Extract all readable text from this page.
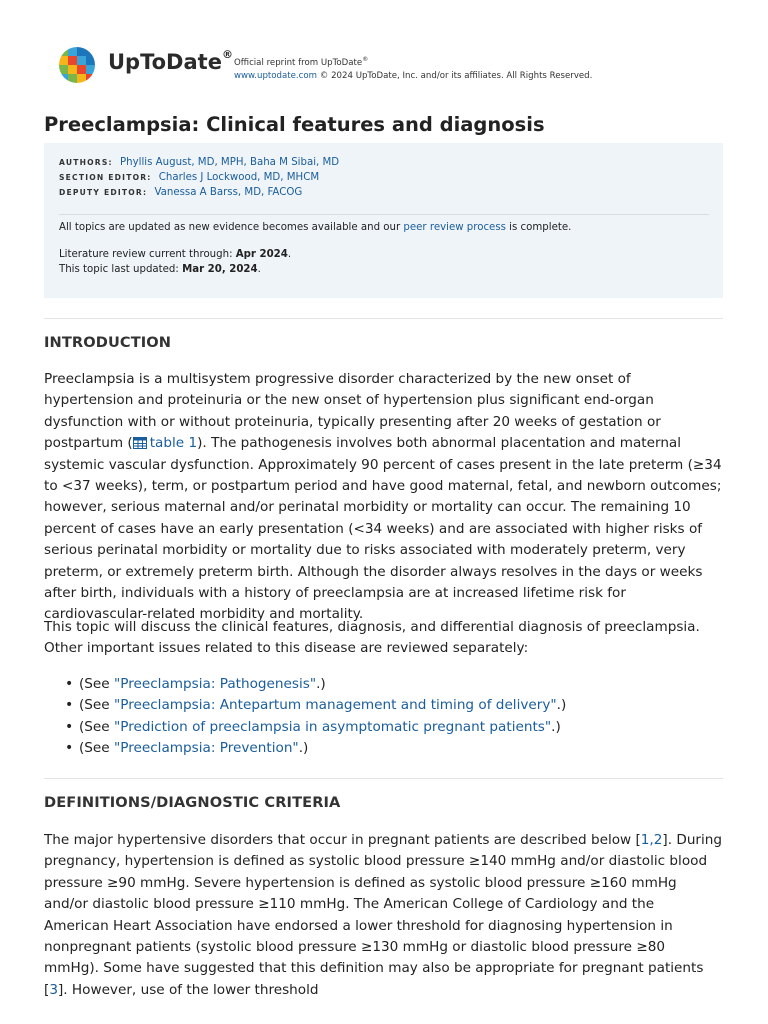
UpToDate®
Official reprint from UpToDate®
www.uptodate.com © 2024 UpToDate, Inc. and/or its affiliates. All Rights Reserved.
Preeclampsia: Clinical features and diagnosis
AUTHORS: Phyllis August, MD, MPH, Baha M Sibai, MD
SECTION EDITOR: Charles J Lockwood, MD, MHCM
DEPUTY EDITOR: Vanessa A Barss, MD, FACOG
All topics are updated as new evidence becomes available and our peer review process is complete.
Literature review current through: Apr 2024.
This topic last updated: Mar 20, 2024.
INTRODUCTION

Preeclampsia is a multisystem progressive disorder characterized by the new onset of hypertension and proteinuria or the new onset of hypertension plus significant end-organ dysfunction with or without proteinuria, typically presenting after 20 weeks of gestation or postpartum ( table 1). The pathogenesis involves both abnormal placentation and maternal systemic vascular dysfunction. Approximately 90 percent of cases present in the late preterm (≥34 to <37 weeks), term, or postpartum period and have good maternal, fetal, and newborn outcomes; however, serious maternal and/or perinatal morbidity or mortality can occur. The remaining 10 percent of cases have an early presentation (<34 weeks) and are associated with higher risks of serious perinatal morbidity or mortality due to risks associated with moderately preterm, very preterm, or extremely preterm birth. Although the disorder always resolves in the days or weeks after birth, individuals with a history of preeclampsia are at increased lifetime risk for cardiovascular-related morbidity and mortality.

This topic will discuss the clinical features, diagnosis, and differential diagnosis of preeclampsia. Other important issues related to this disease are reviewed separately:

• (See "Preeclampsia: Pathogenesis".)
• (See "Preeclampsia: Antepartum management and timing of delivery".)
• (See "Prediction of preeclampsia in asymptomatic pregnant patients".)
• (See "Preeclampsia: Prevention".)
DEFINITIONS/DIAGNOSTIC CRITERIA

The major hypertensive disorders that occur in pregnant patients are described below [1,2]. During pregnancy, hypertension is defined as systolic blood pressure ≥140 mmHg and/or diastolic blood pressure ≥90 mmHg. Severe hypertension is defined as systolic blood pressure ≥160 mmHg and/or diastolic blood pressure ≥110 mmHg. The American College of Cardiology and the American Heart Association have endorsed a lower threshold for diagnosing hypertension in nonpregnant patients (systolic blood pressure ≥130 mmHg or diastolic blood pressure ≥80 mmHg). Some have suggested that this definition may also be appropriate for pregnant patients [3]. However, use of the lower threshold
